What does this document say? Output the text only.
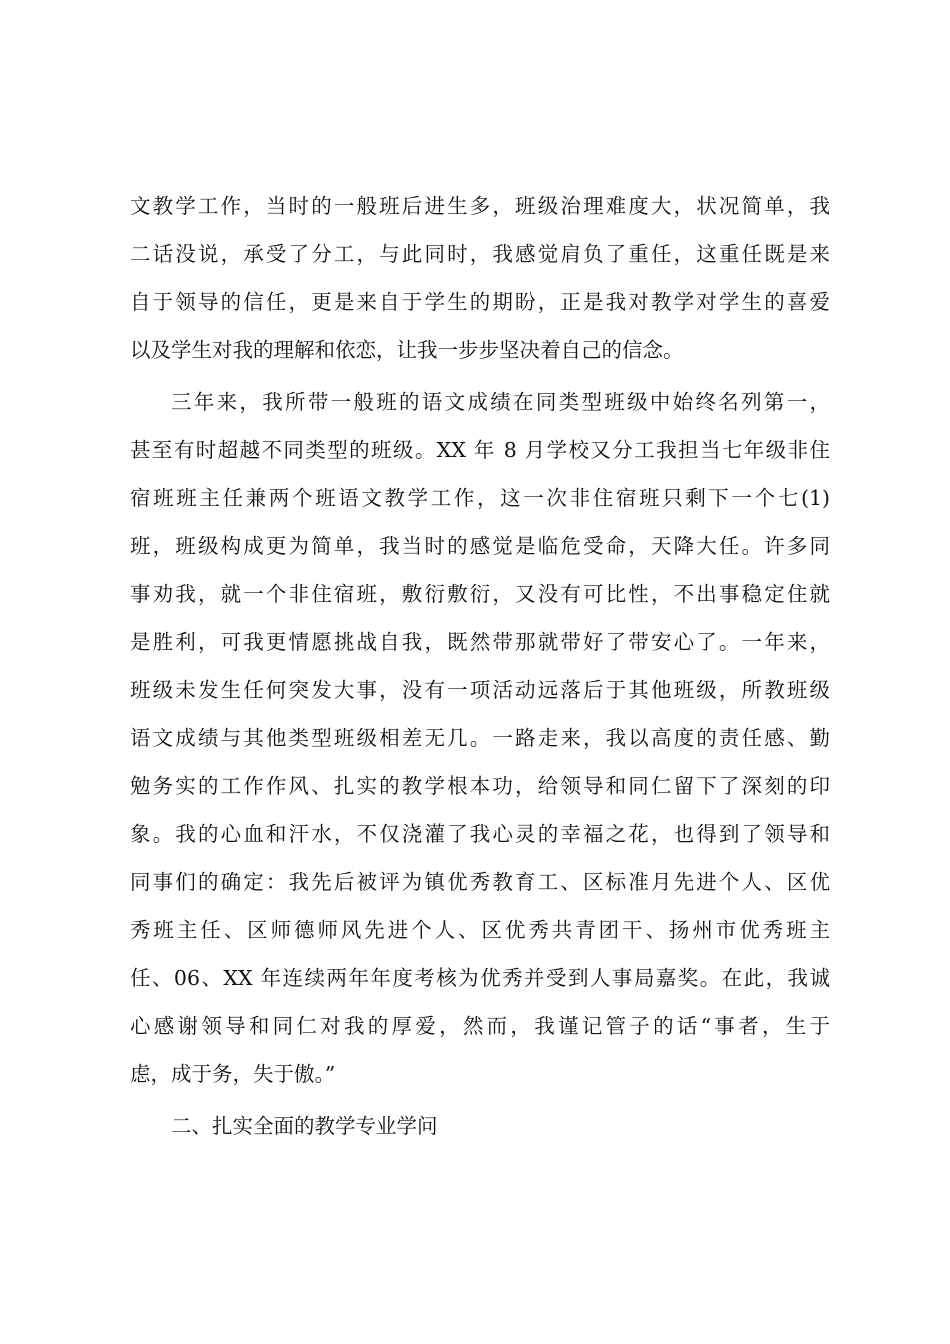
文教学工作，当时的一般班后进生多，班级治理难度大，状况简单，我
二话没说，承受了分工，与此同时，我感觉肩负了重任，这重任既是来
自于领导的信任，更是来自于学生的期盼，正是我对教学对学生的喜爱
以及学生对我的理解和依恋，让我一步步坚决着自己的信念。
三年来，我所带一般班的语文成绩在同类型班级中始终名列第一，
甚至有时超越不同类型的班级。XX 年 8 月学校又分工我担当七年级非住
宿班班主任兼两个班语文教学工作，这一次非住宿班只剩下一个七(1)
班，班级构成更为简单，我当时的感觉是临危受命，天降大任。许多同
事劝我，就一个非住宿班，敷衍敷衍，又没有可比性，不出事稳定住就
是胜利，可我更情愿挑战自我，既然带那就带好了带安心了。一年来，
班级未发生任何突发大事，没有一项活动远落后于其他班级，所教班级
语文成绩与其他类型班级相差无几。一路走来，我以高度的责任感、勤
勉务实的工作作风、扎实的教学根本功，给领导和同仁留下了深刻的印
象。我的心血和汗水，不仅浇灌了我心灵的幸福之花，也得到了领导和
同事们的确定：我先后被评为镇优秀教育工、区标准月先进个人、区优
秀班主任、区师德师风先进个人、区优秀共青团干、扬州市优秀班主
任、06、XX 年连续两年年度考核为优秀并受到人事局嘉奖。在此，我诚
心感谢领导和同仁对我的厚爱，然而，我谨记管子的话“事者，生于
虑，成于务，失于傲。”
二、扎实全面的教学专业学问
